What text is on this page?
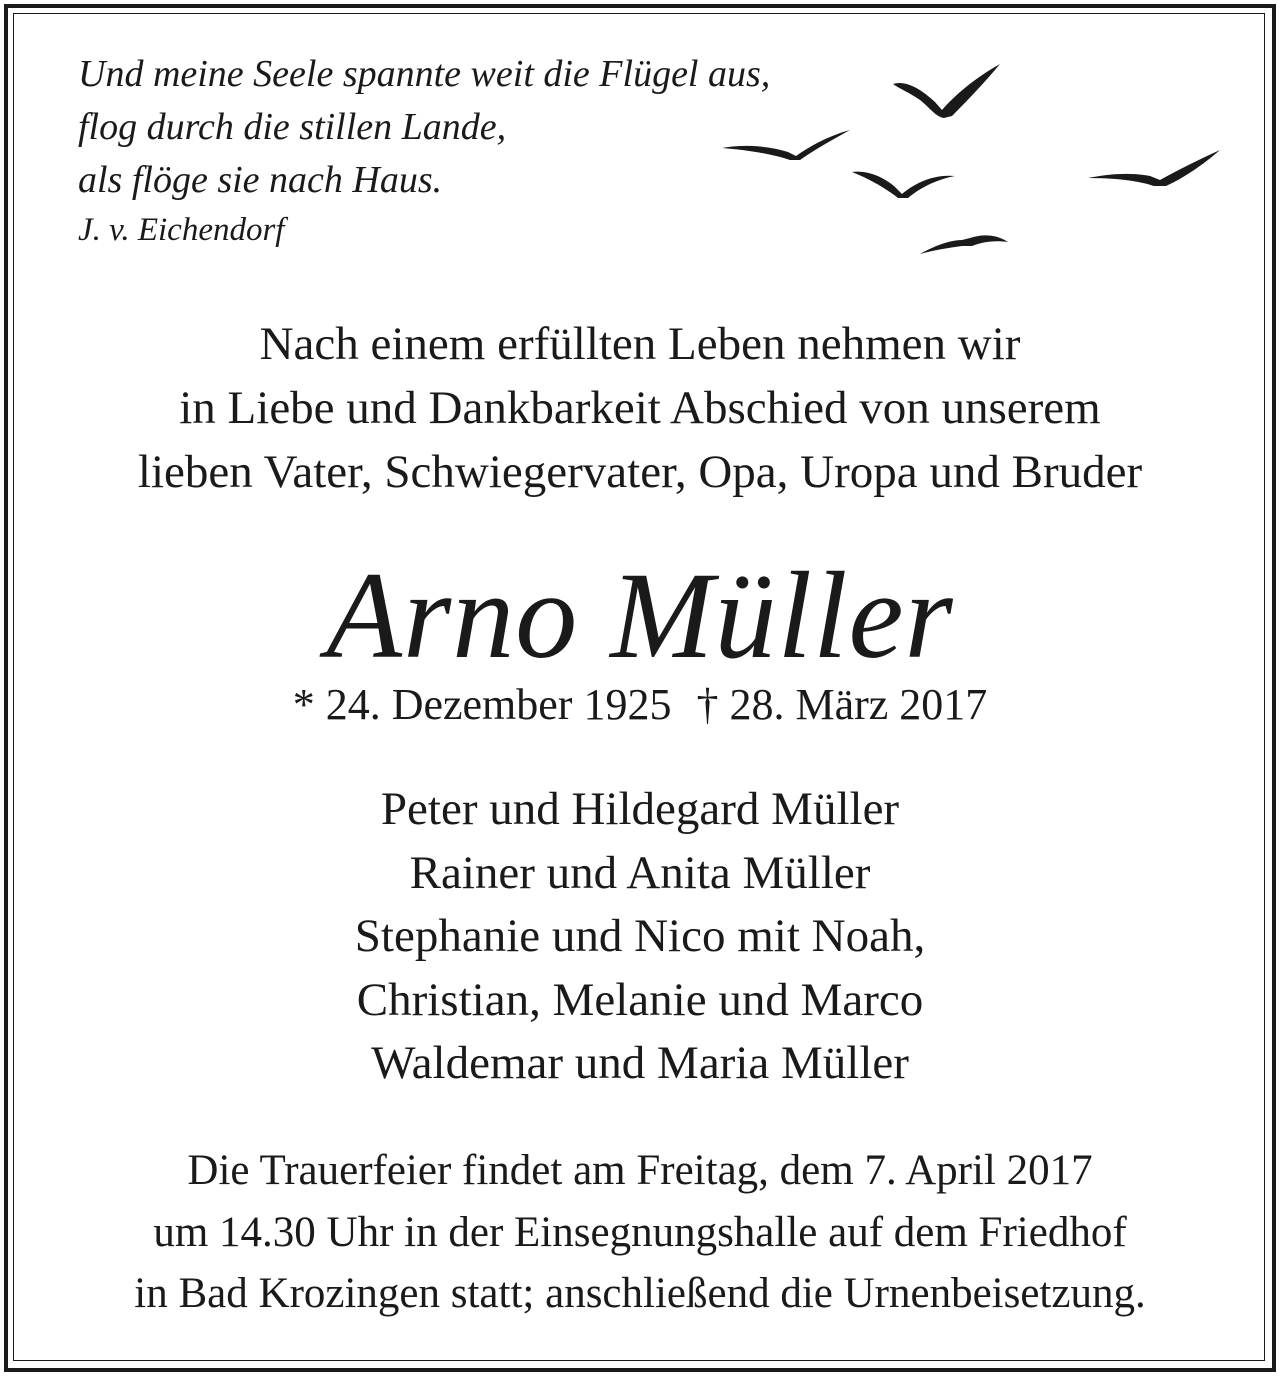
Und meine Seele spannte weit die Flügel aus,
flog durch die stillen Lande,
als flöge sie nach Haus.
J. v. Eichendorf
Nach einem erfüllten Leben nehmen wir
in Liebe und Dankbarkeit Abschied von unserem
lieben Vater, Schwiegervater, Opa, Uropa und Bruder
Arno Müller
* 24. Dezember 1925 † 28. März 2017
Peter und Hildegard Müller
Rainer und Anita Müller
Stephanie und Nico mit Noah,
Christian, Melanie und Marco
Waldemar und Maria Müller
Die Trauerfeier findet am Freitag, dem 7. April 2017
um 14.30 Uhr in der Einsegnungshalle auf dem Friedhof
in Bad Krozingen statt; anschließend die Urnenbeisetzung.
